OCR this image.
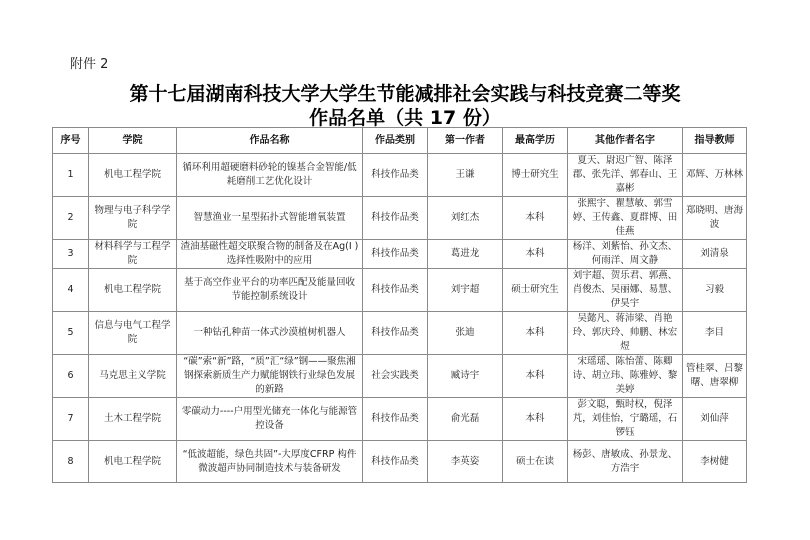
附件 2
第十七届湖南科技大学大学生节能减排社会实践与科技竞赛二等奖
作品名单（共 17 份）
序号	学院	作品名称	作品类别	第一作者	最高学历	其他作者名字	指导教师
1	机电工程学院	循环利用超硬磨料砂轮的镍基合金智能/低耗磨削工艺优化设计	科技作品类	王谦	博士研究生	夏天、尉迟广智、陈泽郡、张先洋、郭春山、王嘉彬	邓辉、万林林
2	物理与电子科学学院	智慧渔业一星型拓扑式智能增氧装置	科技作品类	刘红杰	本科	张熙宇、瞿慧敏、郭雪婷、王传鑫、夏群博、田佳燕	郑晓明、唐海波
3	材料科学与工程学院	渣油基磁性超交联聚合物的制备及在Ag(I )选择性吸附中的应用	科技作品类	葛进龙	本科	杨洋、刘紫怡、孙文杰、何雨洋、周文静	刘清泉
4	机电工程学院	基于高空作业平台的功率匹配及能量回收节能控制系统设计	科技作品类	刘宇超	硕士研究生	刘宇超、贺乐君、郭燕、肖俊杰、吴丽娜、易慧、伊昊宇	习毅
5	信息与电气工程学院	一种钻孔种苗一体式沙漠植树机器人	科技作品类	张迪	本科	吴懿凡、蒋沛梁、肖艳玲、郭庆玲、帅鹏、林宏煜	李目
6	马克思主义学院	“碳”索“新”路，“质”汇“绿”钢——聚焦湘钢探索新质生产力赋能钢铁行业绿色发展的新路	社会实践类	臧诗宇	本科	宋瑶瑶、陈怡蕾、陈卿诗、胡立玮、陈雅婷、黎美婷	管桂翠、吕黎曙、唐翠柳
7	土木工程学院	零碳动力----户用型光储充一体化与能源管控设备	科技作品类	俞光磊	本科	彭文聪，甄时权，倪泽芃，刘佳怡，宁璐瑶，石锣钰	刘仙萍
8	机电工程学院	“低波超能，绿色共固”-大厚度CFRP 构件微波超声协同制造技术与装备研发	科技作品类	李英姿	硕士在读	杨彭、唐敏成、孙景龙、方浩宇	李树健
